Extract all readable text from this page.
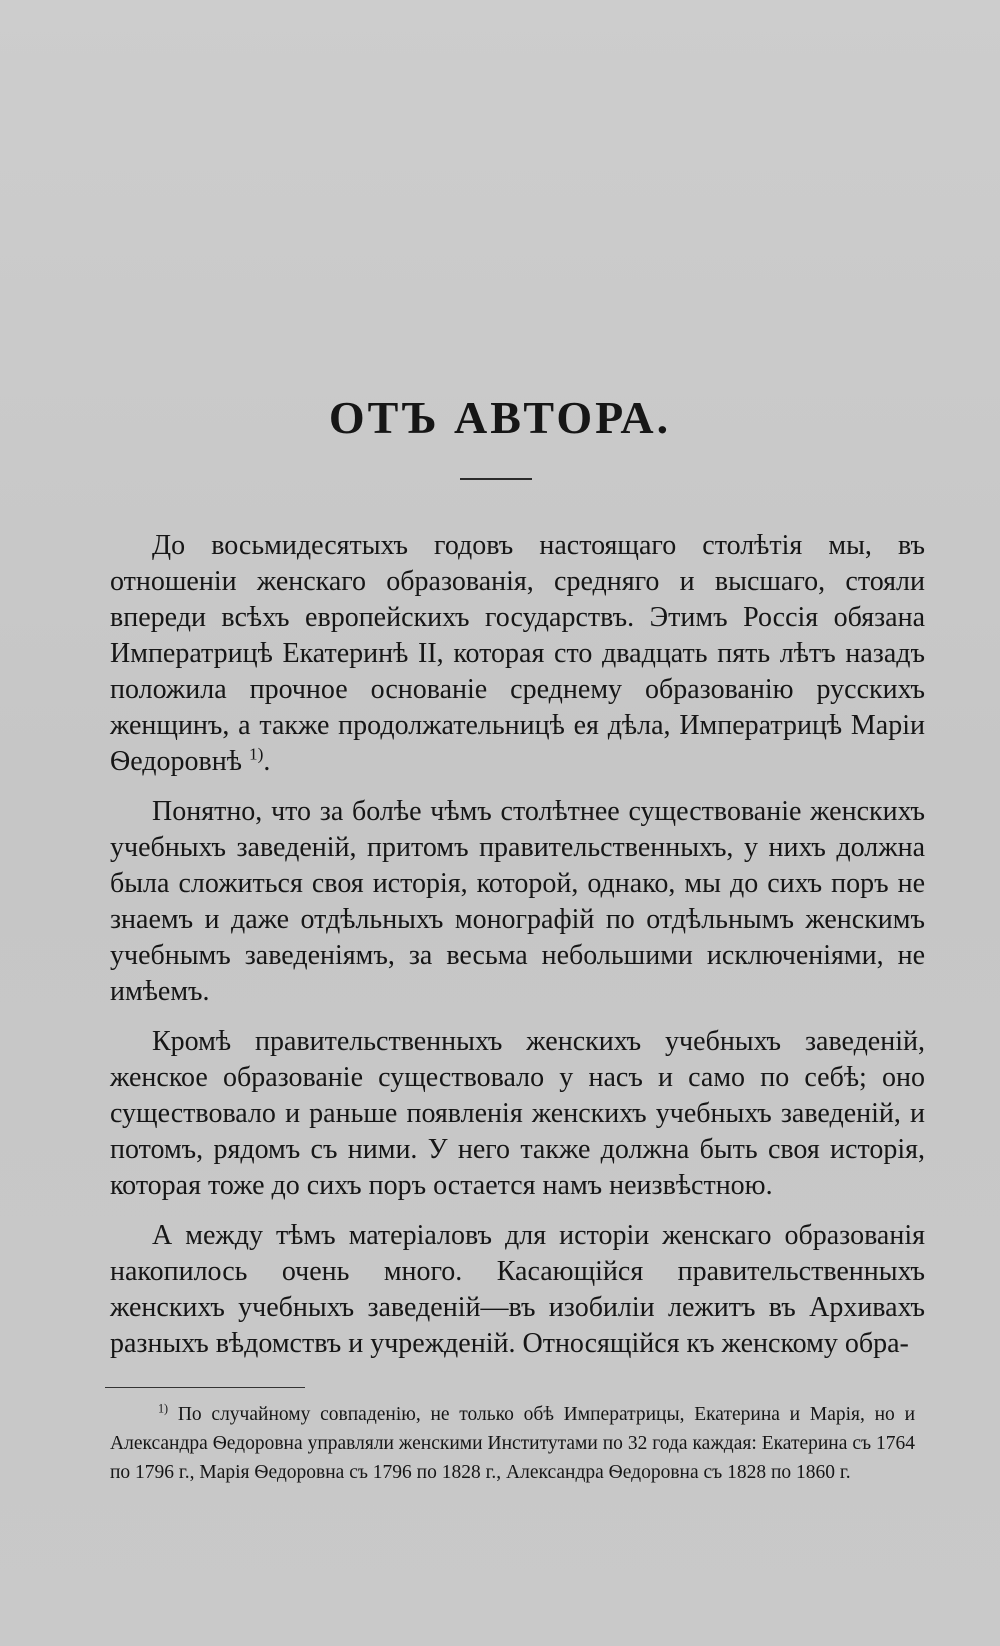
ОТЪ АВТОРА.

До восьмидесятыхъ годовъ настоящаго столѣтія мы, въ отношеніи женскаго образованія, средняго и высшаго, стояли впереди всѣхъ европейскихъ государствъ. Этимъ Россія обязана Императрицѣ Екатеринѣ II, которая сто двадцать пять лѣтъ назадъ положила прочное основаніе среднему образованію русскихъ женщинъ, а также продолжательницѣ ея дѣла, Императрицѣ Маріи Ѳедоровнѣ $^{1)}$.

Понятно, что за болѣе чѣмъ столѣтнее существованіе женскихъ учебныхъ заведеній, притомъ правительственныхъ, у нихъ должна была сложиться своя исторія, которой, однако, мы до сихъ поръ не знаемъ и даже отдѣльныхъ монографій по отдѣльнымъ женскимъ учебнымъ заведеніямъ, за весьма небольшими исключеніями, не имѣемъ.

Кромѣ правительственныхъ женскихъ учебныхъ заведеній, женское образованіе существовало у насъ и само по себѣ; оно существовало и раньше появленія женскихъ учебныхъ заведеній, и потомъ, рядомъ съ ними. У него также должна быть своя исторія, которая тоже до сихъ поръ остается намъ неизвѣстною.

А между тѣмъ матеріаловъ для исторіи женскаго образованія накопилось очень много. Касающійся правительственныхъ женскихъ учебныхъ заведеній—въ изобиліи лежитъ въ Архивахъ разныхъ вѣдомствъ и учрежденій. Относящійся къ женскому обра-

$^{1)}$ По случайному совпаденію, не только обѣ Императрицы, Екатерина и Марія, но и Александра Ѳедоровна управляли женскими Институтами по 32 года каждая: Екатерина съ 1764 по 1796 г., Марія Ѳедоровна съ 1796 по 1828 г., Александра Ѳедоровна съ 1828 по 1860 г.
